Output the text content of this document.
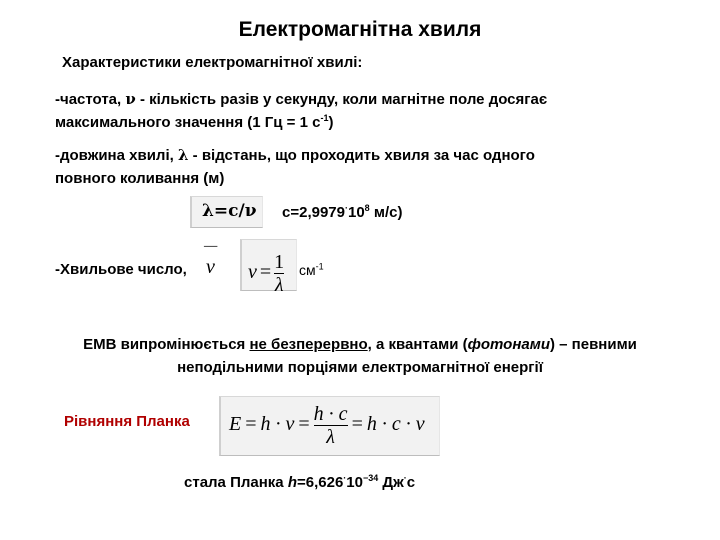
Електромагнітна хвиля
Характеристики електромагнітної хвилі:
-частота, ν - кількість разів у секунду, коли магнітне поле досягає
максимального значення (1 Гц = 1 $с^{-1}$)
-довжина хвилі, λ - відстань, що проходить хвиля за час одного
повного коливання (м)
λ=c/ν $c=2,9979^\cdot 10^8$ м/с)
-Хвильове число,
—
ν $\nu = \frac{1}{\lambda} см^{-1}$
ЕМВ випромінюється не безперервно, а квантами (фотонами) – певними
неподільними порціями електромагнітної енергії
Рівняння Планка $E = h \cdot \nu = \frac{h \cdot c}{\lambda} = h \cdot c \cdot \nu$
стала Планка $h=6,626^\cdot 10^{-34}$ Дж·с
